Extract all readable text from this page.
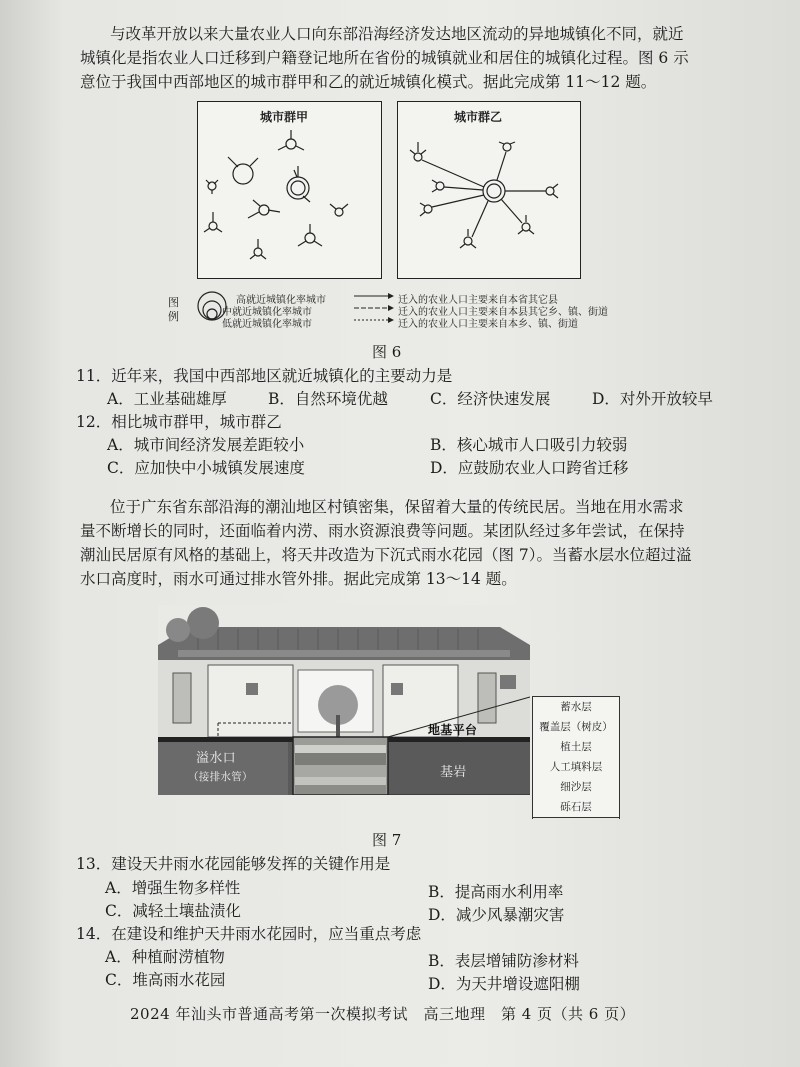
与改革开放以来大量农业人口向东部沿海经济发达地区流动的异地城镇化不同，就近
城镇化是指农业人口迁移到户籍登记地所在省份的城镇就业和居住的城镇化过程。图 6 示
意位于我国中西部地区的城市群甲和乙的就近城镇化模式。据此完成第 11～12 题。
城市群甲	城市群乙
图
例
高就近城镇化率城市
中就近城镇化率城市
低就近城镇化率城市
迁入的农业人口主要来自本省其它县
迁入的农业人口主要来自本县其它乡、镇、街道
迁入的农业人口主要来自本乡、镇、街道
图 6
11．近年来，我国中西部地区就近城镇化的主要动力是
A．工业基础雄厚	B．自然环境优越	C．经济快速发展	D．对外开放较早
12．相比城市群甲，城市群乙
A．城市间经济发展差距较小	B．核心城市人口吸引力较弱
C．应加快中小城镇发展速度	D．应鼓励农业人口跨省迁移
位于广东省东部沿海的潮汕地区村镇密集，保留着大量的传统民居。当地在用水需求
量不断增长的同时，还面临着内涝、雨水资源浪费等问题。某团队经过多年尝试，在保持
潮汕民居原有风格的基础上，将天井改造为下沉式雨水花园（图 7）。当蓄水层水位超过溢
水口高度时，雨水可通过排水管外排。据此完成第 13～14 题。
溢水口
（接排水管）
地基平台
基岩
蓄水层
覆盖层（树皮）
植土层
人工填料层
细沙层
砾石层
图 7
13．建设天井雨水花园能够发挥的关键作用是
A．增强生物多样性	B．提高雨水利用率
C．减轻土壤盐渍化	D．减少风暴潮灾害
14．在建设和维护天井雨水花园时，应当重点考虑
A．种植耐涝植物	B．表层增铺防渗材料
C．堆高雨水花园	D．为天井增设遮阳棚
2024 年汕头市普通高考第一次模拟考试　高三地理　第 4 页（共 6 页）
